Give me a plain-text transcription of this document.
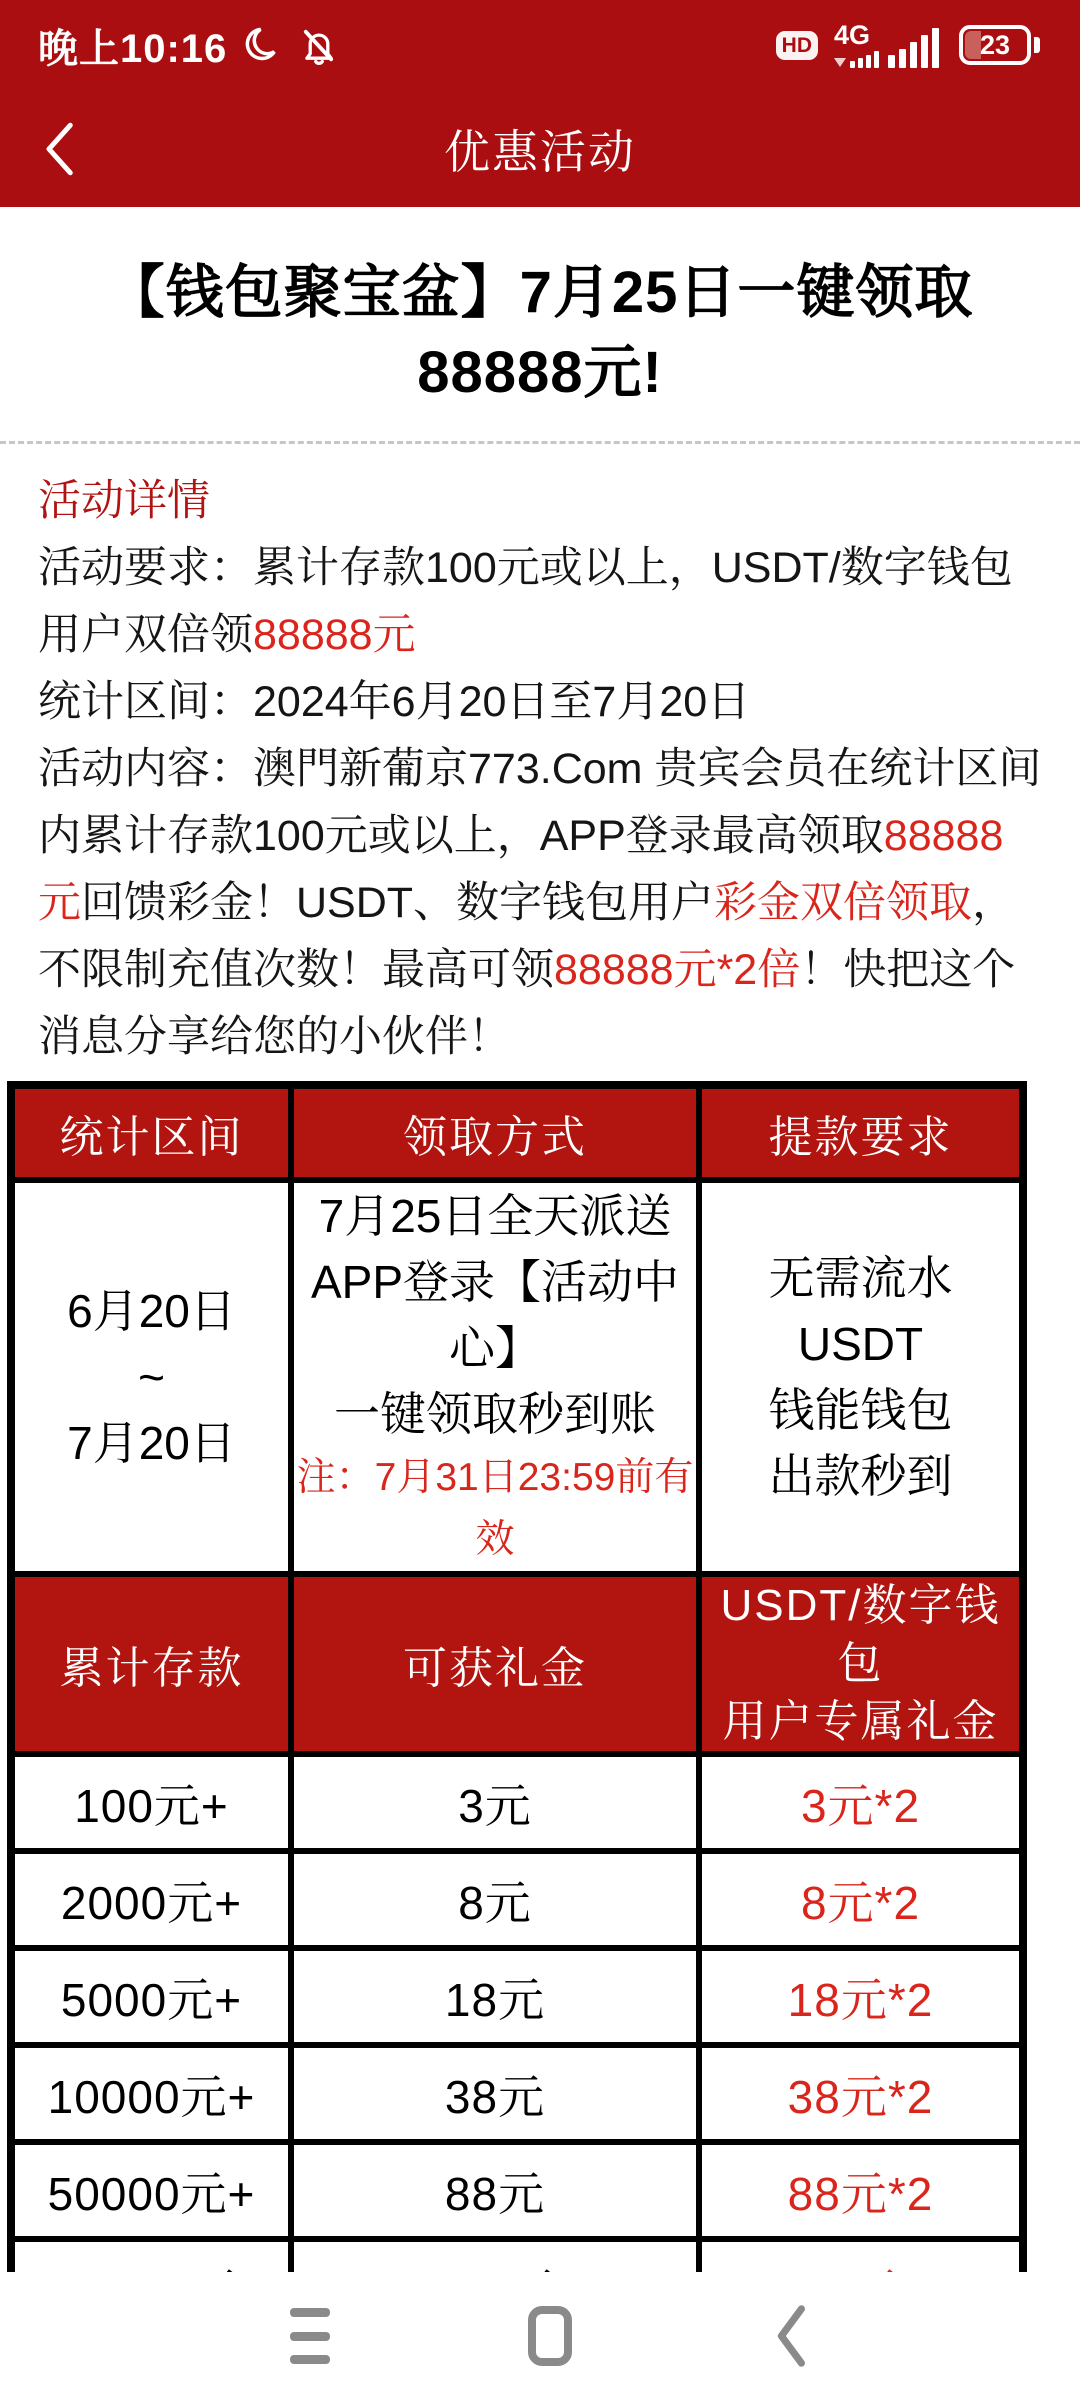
晚上10:16	HD 4G	23
优惠活动
【钱包聚宝盆】7月25日一键领取
88888元!

活动详情

活动要求：累计存款100元或以上，USDT/数字钱包用户双倍领88888元

统计区间：2024年6月20日至7月20日

活动内容：澳門新葡京773.Com 贵宾会员在统计区间内累计存款100元或以上，APP登录最高领取88888元回馈彩金！USDT、数字钱包用户彩金双倍领取，不限制充值次数！最高可领88888元*2倍！快把这个消息分享给您的小伙伴！

统计区间	领取方式	提款要求

6月20日
~
7月20日

7月25日全天派送
APP登录【活动中心】
一键领取秒到账
注：7月31日23:59前有效

无需流水
USDT
钱能钱包
出款秒到

累计存款	可获礼金	USDT/数字钱包
用户专属礼金

100元+	3元	3元*2
2000元+	8元	8元*2
5000元+	18元	18元*2
10000元+	38元	38元*2
50000元+	88元	88元*2
